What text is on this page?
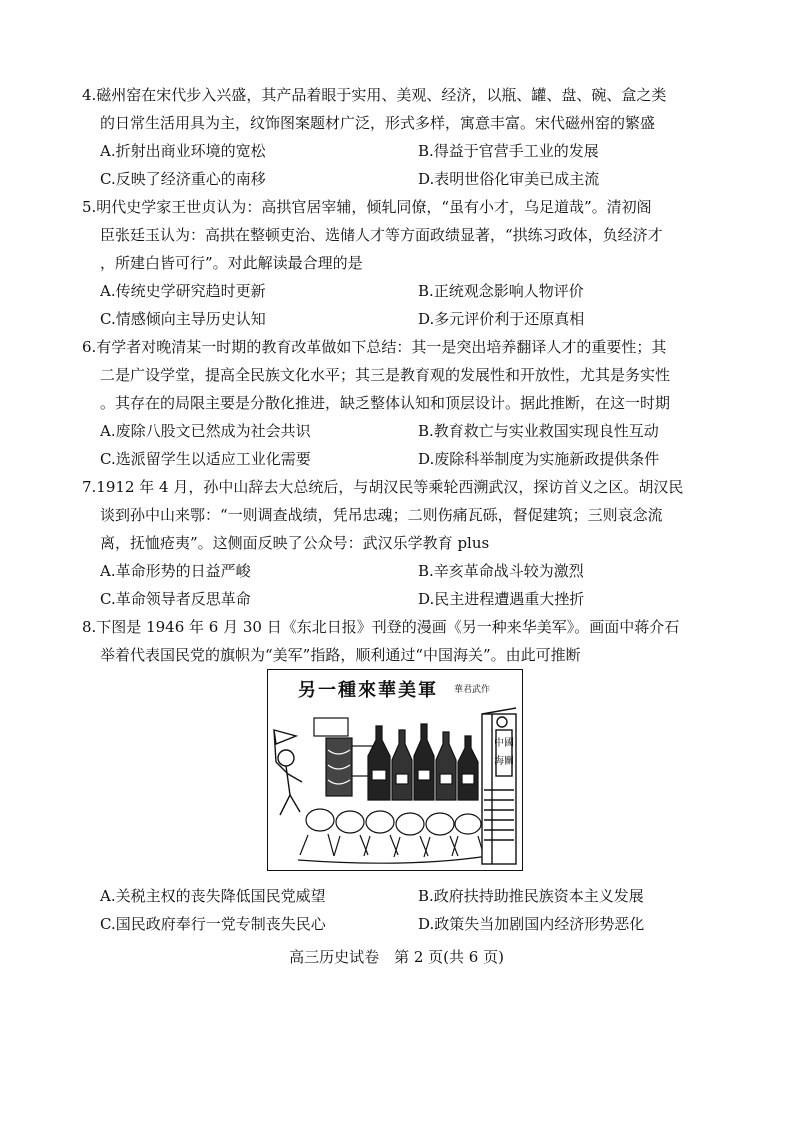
4.磁州窑在宋代步入兴盛，其产品着眼于实用、美观、经济，以瓶、罐、盘、碗、盒之类

的日常生活用具为主，纹饰图案题材广泛，形式多样，寓意丰富。宋代磁州窑的繁盛

A.折射出商业环境的宽松	B.得益于官营手工业的发展
C.反映了经济重心的南移	D.表明世俗化审美已成主流

5.明代史学家王世贞认为：高拱官居宰辅，倾轧同僚，“虽有小才，乌足道哉”。清初阁

臣张廷玉认为：高拱在整顿吏治、选储人才等方面政绩显著，“拱练习政体，负经济才

，所建白皆可行”。对此解读最合理的是

A.传统史学研究趋时更新	B.正统观念影响人物评价
C.情感倾向主导历史认知	D.多元评价利于还原真相

6.有学者对晚清某一时期的教育改革做如下总结：其一是突出培养翻译人才的重要性；其

二是广设学堂，提高全民族文化水平；其三是教育观的发展性和开放性，尤其是务实性

。其存在的局限主要是分散化推进，缺乏整体认知和顶层设计。据此推断，在这一时期

A.废除八股文已然成为社会共识	B.教育救亡与实业救国实现良性互动
C.选派留学生以适应工业化需要	D.废除科举制度为实施新政提供条件

7.1912 年 4 月，孙中山辞去大总统后，与胡汉民等乘轮西溯武汉，探访首义之区。胡汉民

谈到孙中山来鄂：“一则调查战绩，凭吊忠魂；二则伤痛瓦砾，督促建筑；三则哀念流

离，抚恤疮夷”。这侧面反映了公众号：武汉乐学教育 plus

A.革命形势的日益严峻	B.辛亥革命战斗较为激烈
C.革命领导者反思革命	D.民主进程遭遇重大挫折

8.下图是 1946 年 6 月 30 日《东北日报》刊登的漫画《另一种来华美军》。画面中蒋介石

举着代表国民党的旗帜为“美军”指路，顺利通过“中国海关”。由此可推断

另一種來華美軍 華君武作
中國
海關
A.关税主权的丧失降低国民党威望	B.政府扶持助推民族资本主义发展
C.国民政府奉行一党专制丧失民心	D.政策失当加剧国内经济形势恶化
高三历史试卷　第 2 页(共 6 页)
